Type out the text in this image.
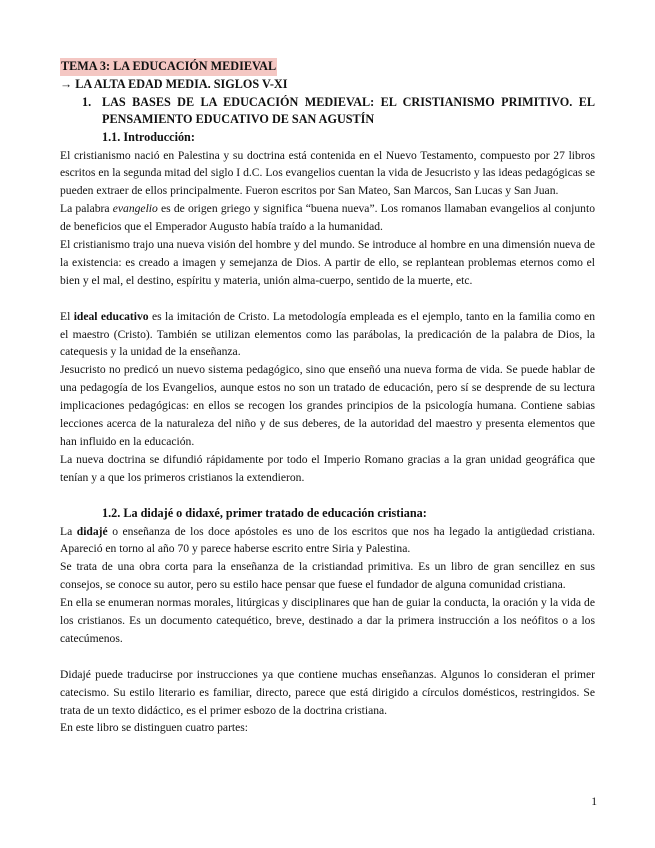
TEMA 3: LA EDUCACIÓN MEDIEVAL
→ LA ALTA EDAD MEDIA. SIGLOS V-XI
1. LAS BASES DE LA EDUCACIÓN MEDIEVAL: EL CRISTIANISMO PRIMITIVO. EL PENSAMIENTO EDUCATIVO DE SAN AGUSTÍN
1.1. Introducción:

El cristianismo nació en Palestina y su doctrina está contenida en el Nuevo Testamento, compuesto por 27 libros escritos en la segunda mitad del siglo I d.C. Los evangelios cuentan la vida de Jesucristo y las ideas pedagógicas se pueden extraer de ellos principalmente. Fueron escritos por San Mateo, San Marcos, San Lucas y San Juan.

La palabra evangelio es de origen griego y significa “buena nueva”. Los romanos llamaban evangelios al conjunto de beneficios que el Emperador Augusto había traído a la humanidad.

El cristianismo trajo una nueva visión del hombre y del mundo. Se introduce al hombre en una dimensión nueva de la existencia: es creado a imagen y semejanza de Dios. A partir de ello, se replantean problemas eternos como el bien y el mal, el destino, espíritu y materia, unión alma-cuerpo, sentido de la muerte, etc.

El ideal educativo es la imitación de Cristo. La metodología empleada es el ejemplo, tanto en la familia como en el maestro (Cristo). También se utilizan elementos como las parábolas, la predicación de la palabra de Dios, la catequesis y la unidad de la enseñanza.

Jesucristo no predicó un nuevo sistema pedagógico, sino que enseñó una nueva forma de vida. Se puede hablar de una pedagogía de los Evangelios, aunque estos no son un tratado de educación, pero sí se desprende de su lectura implicaciones pedagógicas: en ellos se recogen los grandes principios de la psicología humana. Contiene sabias lecciones acerca de la naturaleza del niño y de sus deberes, de la autoridad del maestro y presenta elementos que han influido en la educación.

La nueva doctrina se difundió rápidamente por todo el Imperio Romano gracias a la gran unidad geográfica que tenían y a que los primeros cristianos la extendieron.

1.2. La didajé o didaxé, primer tratado de educación cristiana:

La didajé o enseñanza de los doce apóstoles es uno de los escritos que nos ha legado la antigüedad cristiana. Apareció en torno al año 70 y parece haberse escrito entre Siria y Palestina.

Se trata de una obra corta para la enseñanza de la cristiandad primitiva. Es un libro de gran sencillez en sus consejos, se conoce su autor, pero su estilo hace pensar que fuese el fundador de alguna comunidad cristiana.

En ella se enumeran normas morales, litúrgicas y disciplinares que han de guiar la conducta, la oración y la vida de los cristianos. Es un documento catequético, breve, destinado a dar la primera instrucción a los neófitos o a los catecúmenos.

Didajé puede traducirse por instrucciones ya que contiene muchas enseñanzas. Algunos lo consideran el primer catecismo. Su estilo literario es familiar, directo, parece que está dirigido a círculos domésticos, restringidos. Se trata de un texto didáctico, es el primer esbozo de la doctrina cristiana.

En este libro se distinguen cuatro partes:

1
